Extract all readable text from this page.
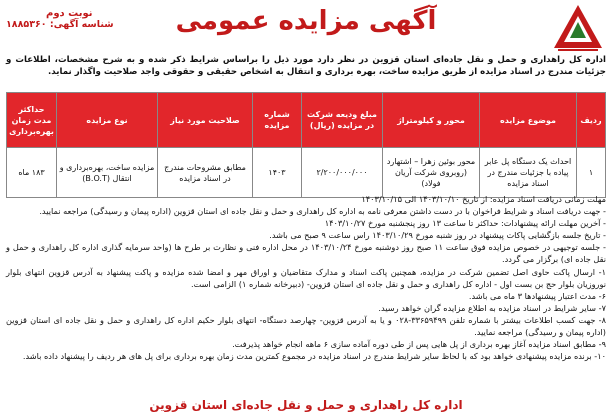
آگهی مزایده عمومی
نوبت دوم
شناسه آگهی: ۱۸۸۵۳۶۰
اداره کل راهداری و حمل و نقل جاده‌ای استان قزوین در نظر دارد مورد ذیل را براساس شرایط ذکر شده و به شرح مشخصات، اطلاعات و جزئیات مندرج در اسناد مزایده از طریق مزایده ساخت، بهره برداری و انتقال به اشخاص حقیقی و حقوقی واجد صلاحیت واگذار نماید.
ردیف	موضوع مزایده	محور و کیلومتراژ	مبلغ ودیعه شرکت در مزایده (ریال)	شماره مزایده	صلاحیت مورد نیاز	نوع مزایده	حداکثر مدت زمان بهره‌برداری
۱	احداث یک دستگاه پل عابر پیاده با جزئیات مندرج در اسناد مزایده	محور بوئین زهرا – اشتهارد (روبروی شرکت آریان فولاد)	۲/۲۰۰/۰۰۰/۰۰۰	۱۴۰۳	مطابق مشروحات مندرج در اسناد مزایده	مزایده ساخت، بهره‌برداری و انتقال (B.O.T)	۱۸۳ ماه

مهلت زمانی دریافت اسناد مزایده: از تاریخ ۱۴۰۳/۱۰/۱۰ الی ۱۴۰۳/۱۰/۱۵

- جهت دریافت اسناد و شرایط فراخوان با در دست داشتن معرفی نامه به اداره کل راهداری و حمل و نقل جاده ای استان قزوین (اداره پیمان و رسیدگی) مراجعه نمایید.

- آخرین مهلت ارائه پیشنهادات: حداکثر تا ساعت ۱۳ روز پنجشنبه مورخ ۱۴۰۳/۱۰/۲۷

- تاریخ جلسه بازگشایی پاکات پیشنهاد در روز شنبه مورخ ۱۴۰۳/۱۰/۲۹ راس ساعت ۹ صبح می باشد.

- جلسه توجیهی در خصوص مزایده فوق ساعت ۱۱ صبح روز دوشنبه مورخ ۱۴۰۳/۱۰/۲۴ در محل اداره فنی و نظارت بر طرح ها (واحد سرمایه گذاری اداره کل راهداری و حمل و نقل جاده ای) برگزار می گردد.

۱- ارسال پاکت حاوی اصل تضمین شرکت در مزایده، همچنین پاکت اسناد و مدارک متقاضیان و اوراق مهر و امضا شده مزایده و پاکت پیشنهاد به آدرس قزوین انتهای بلوار نوروزیان بلوار حج بن بست اول - اداره کل راهداری و حمل و نقل جاده ای استان قزوین- (دبیرخانه شماره ۱) الزامی است.

۶- مدت اعتبار پیشنهادها ۳ ماه می باشد.

۷- سایر شرایط در اسناد مزایده به اطلاع مزایده گران خواهد رسید.

۸- جهت کسب اطلاعات بیشتر با شماره تلفن ۳۳۶۵۹۴۹۹-۰۲۸ و یا به آدرس قزوین- چهارصد دستگاه- انتهای بلوار حکیم اداره کل راهداری و حمل و نقل جاده ای استان قزوین (اداره پیمان و رسیدگی) مراجعه نمایید.

۹- مطابق اسناد مزایده آغاز بهره برداری از پل هایی پس از طی دوره آماده سازی ۶ ماهه انجام خواهد پذیرفت.

۱۰- برنده مزایده پیشنهادی خواهد بود که با لحاظ سایر شرایط مندرج در اسناد مزایده در مجموع کمترین مدت زمان بهره برداری برای پل های هر ردیف را پیشنهاد داده باشد.

اداره کل راهداری و حمل و نقل جاده‌ای استان قزوین
